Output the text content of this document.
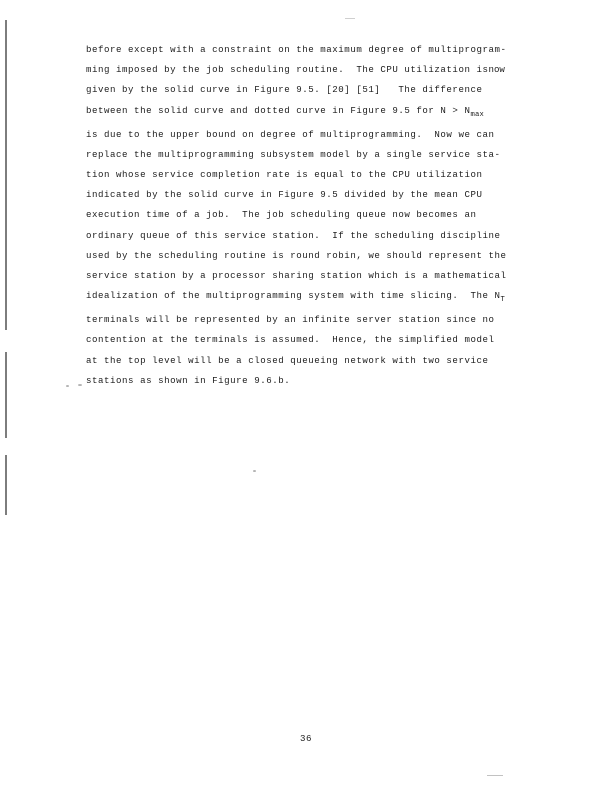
before except with a constraint on the maximum degree of multiprogram-
ming imposed by the job scheduling routine.  The CPU utilization isnow
given by the solid curve in Figure 9.5. [20] [51]   The difference
between the solid curve and dotted curve in Figure 9.5 for $N > N_{max}$
is due to the upper bound on degree of multiprogramming.  Now we can
replace the multiprogramming subsystem model by a single service sta-
tion whose service completion rate is equal to the CPU utilization
indicated by the solid curve in Figure 9.5 divided by the mean CPU
execution time of a job.  The job scheduling queue now becomes an
ordinary queue of this service station.  If the scheduling discipline
used by the scheduling routine is round robin, we should represent the
service station by a processor sharing station which is a mathematical
idealization of the multiprogramming system with time slicing.  The $N_T$
terminals will be represented by an infinite server station since no
contention at the terminals is assumed.  Hence, the simplified model
at the top level will be a closed queueing network with two service
stations as shown in Figure 9.6.b.
36
